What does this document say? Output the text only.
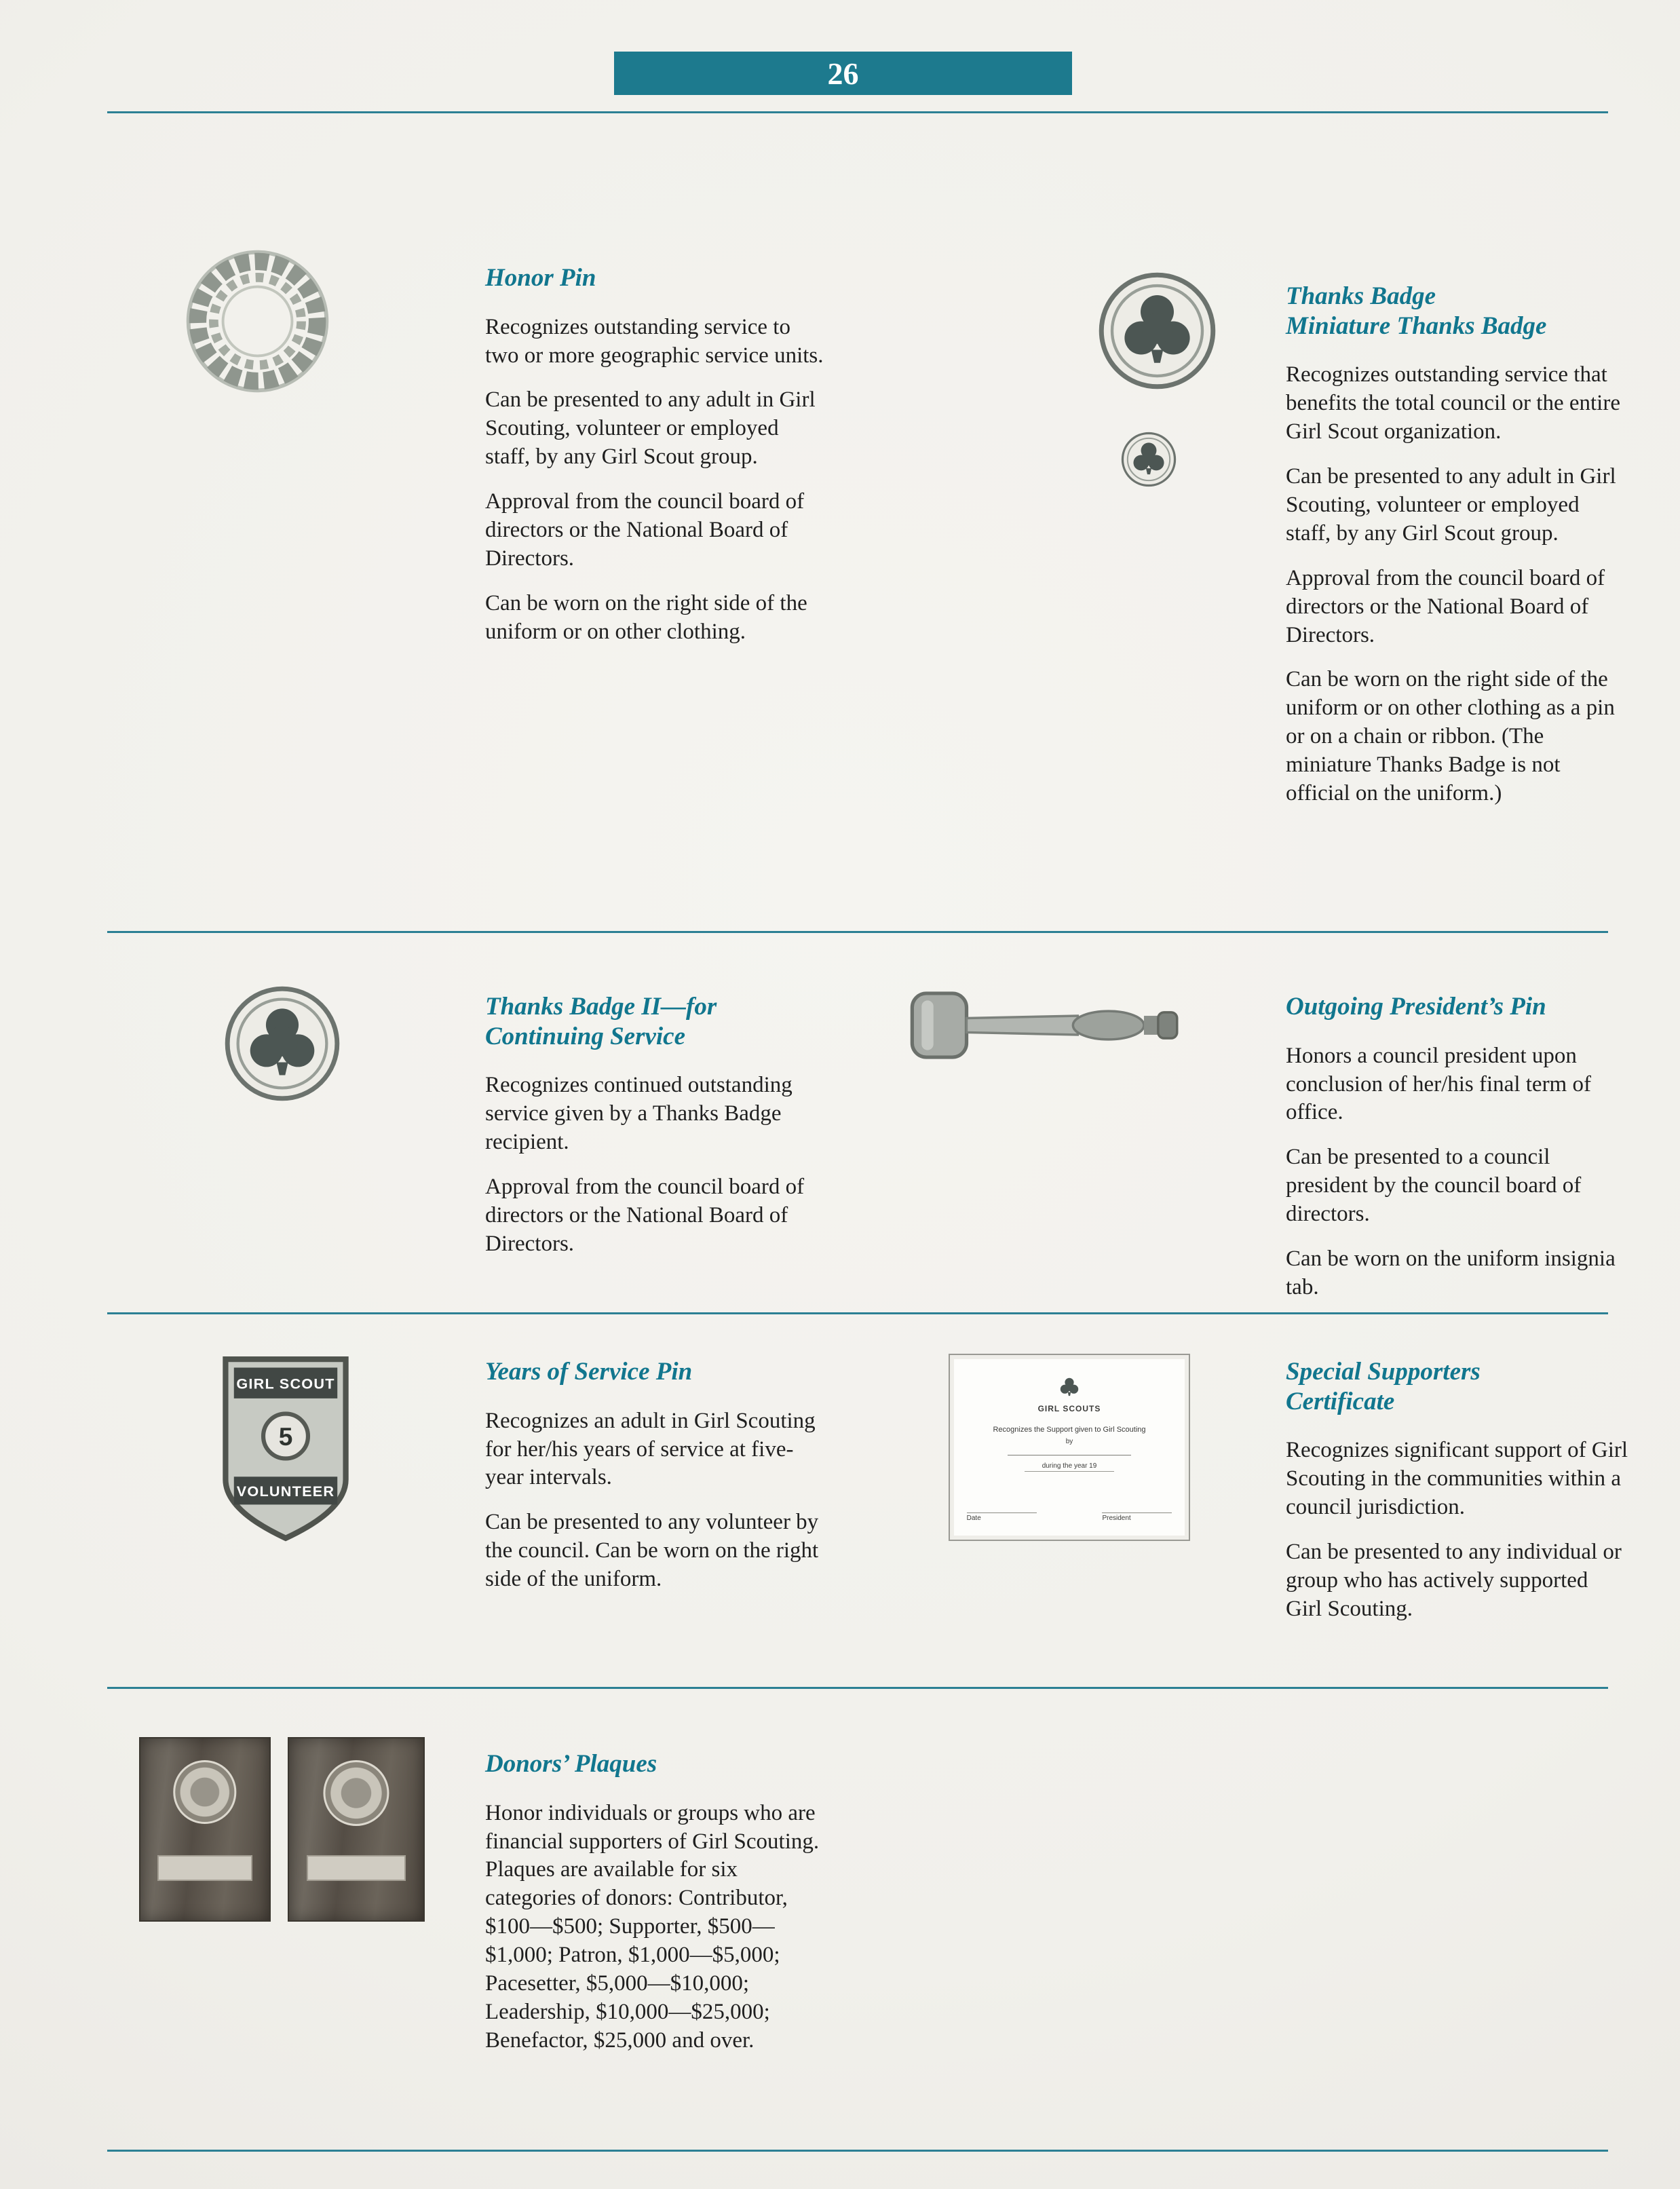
26
Honor Pin

Recognizes outstanding service to two or more geographic service units.

Can be presented to any adult in Girl Scouting, volunteer or employed staff, by any Girl Scout group.

Approval from the council board of directors or the National Board of Directors.

Can be worn on the right side of the uniform or on other clothing.

Thanks Badge
Miniature Thanks Badge

Recognizes outstanding service that benefits the total council or the entire Girl Scout organization.

Can be presented to any adult in Girl Scouting, volunteer or employed staff, by any Girl Scout group.

Approval from the council board of directors or the National Board of Directors.

Can be worn on the right side of the uniform or on other clothing as a pin or on a chain or ribbon. (The miniature Thanks Badge is not official on the uniform.)

Thanks Badge II—for
Continuing Service

Recognizes continued outstanding service given by a Thanks Badge recipient.

Approval from the council board of directors or the National Board of Directors.

Outgoing President’s Pin

Honors a council president upon conclusion of her/his final term of office.

Can be presented to a council president by the council board of directors.

Can be worn on the uniform insignia tab.

GIRL SCOUT
5
VOLUNTEER
Years of Service Pin

Recognizes an adult in Girl Scouting for her/his years of service at five-year intervals.

Can be presented to any volunteer by the council. Can be worn on the right side of the uniform.

GIRL SCOUTS
Recognizes the Support given to Girl Scouting
by
during the year 19
Date	President
Special Supporters
Certificate

Recognizes significant support of Girl Scouting in the communities within a council jurisdiction.

Can be presented to any individual or group who has actively supported Girl Scouting.

Donors’ Plaques

Honor individuals or groups who are financial supporters of Girl Scouting. Plaques are available for six categories of donors: Contributor, $100—$500; Supporter, $500—$1,000; Patron, $1,000—$5,000; Pacesetter, $5,000—$10,000; Leadership, $10,000—$25,000; Benefactor, $25,000 and over.
